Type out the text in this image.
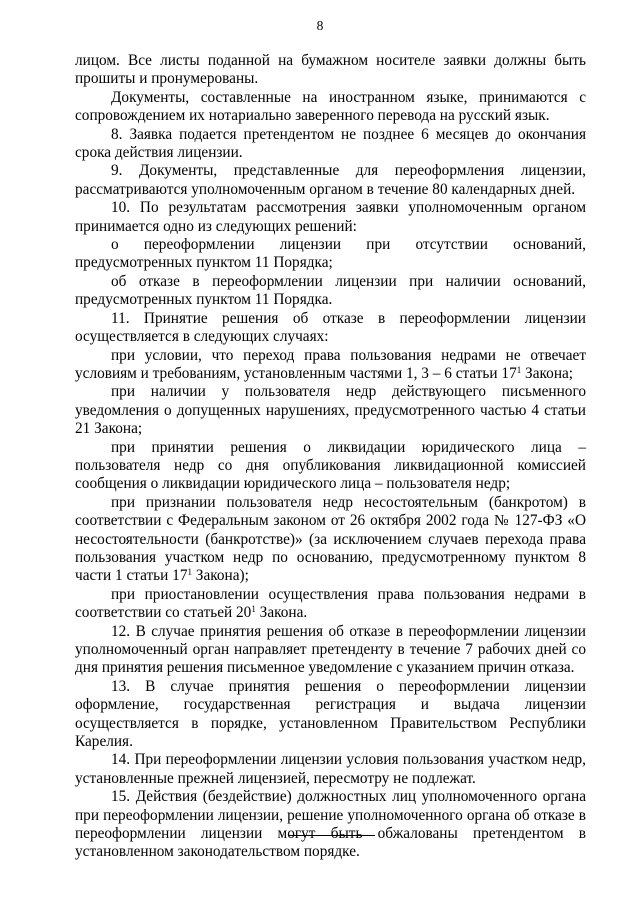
8

лицом. Все листы поданной на бумажном носителе заявки должны быть прошиты и пронумерованы.

Документы, составленные на иностранном языке, принимаются с сопровождением их нотариально заверенного перевода на русский язык.

8. Заявка подается претендентом не позднее 6 месяцев до окончания срока действия лицензии.

9. Документы, представленные для переоформления лицензии, рассматриваются уполномоченным органом в течение 80 календарных дней.

10. По результатам рассмотрения заявки уполномоченным органом принимается одно из следующих решений:

о переоформлении лицензии при отсутствии оснований, предусмотренных пунктом 11 Порядка;

об отказе в переоформлении лицензии при наличии оснований, предусмотренных пунктом 11 Порядка.

11. Принятие решения об отказе в переоформлении лицензии осуществляется в следующих случаях:

при условии, что переход права пользования недрами не отвечает условиям и требованиям, установленным частями 1, 3 – 6 статьи $17^1$ Закона;

при наличии у пользователя недр действующего письменного уведомления о допущенных нарушениях, предусмотренного частью 4 статьи 21 Закона;

при принятии решения о ликвидации юридического лица – пользователя недр со дня опубликования ликвидационной комиссией сообщения о ликвидации юридического лица – пользователя недр;

при признании пользователя недр несостоятельным (банкротом) в соответствии с Федеральным законом от 26 октября 2002 года № 127-ФЗ «О несостоятельности (банкротстве)» (за исключением случаев перехода права пользования участком недр по основанию, предусмотренному пунктом 8 части 1 статьи $17^1$ Закона);

при приостановлении осуществления права пользования недрами в соответствии со статьей $20^1$ Закона.

12. В случае принятия решения об отказе в переоформлении лицензии уполномоченный орган направляет претенденту в течение 7 рабочих дней со дня принятия решения письменное уведомление с указанием причин отказа.

13. В случае принятия решения о переоформлении лицензии оформление, государственная регистрация и выдача лицензии осуществляется в порядке, установленном Правительством Республики Карелия.

14. При переоформлении лицензии условия пользования участком недр, установленные прежней лицензией, пересмотру не подлежат.

15. Действия (бездействие) должностных лиц уполномоченного органа при переоформлении лицензии, решение уполномоченного органа об отказе в переоформлении лицензии могут быть обжалованы претендентом в установленном законодательством порядке.
